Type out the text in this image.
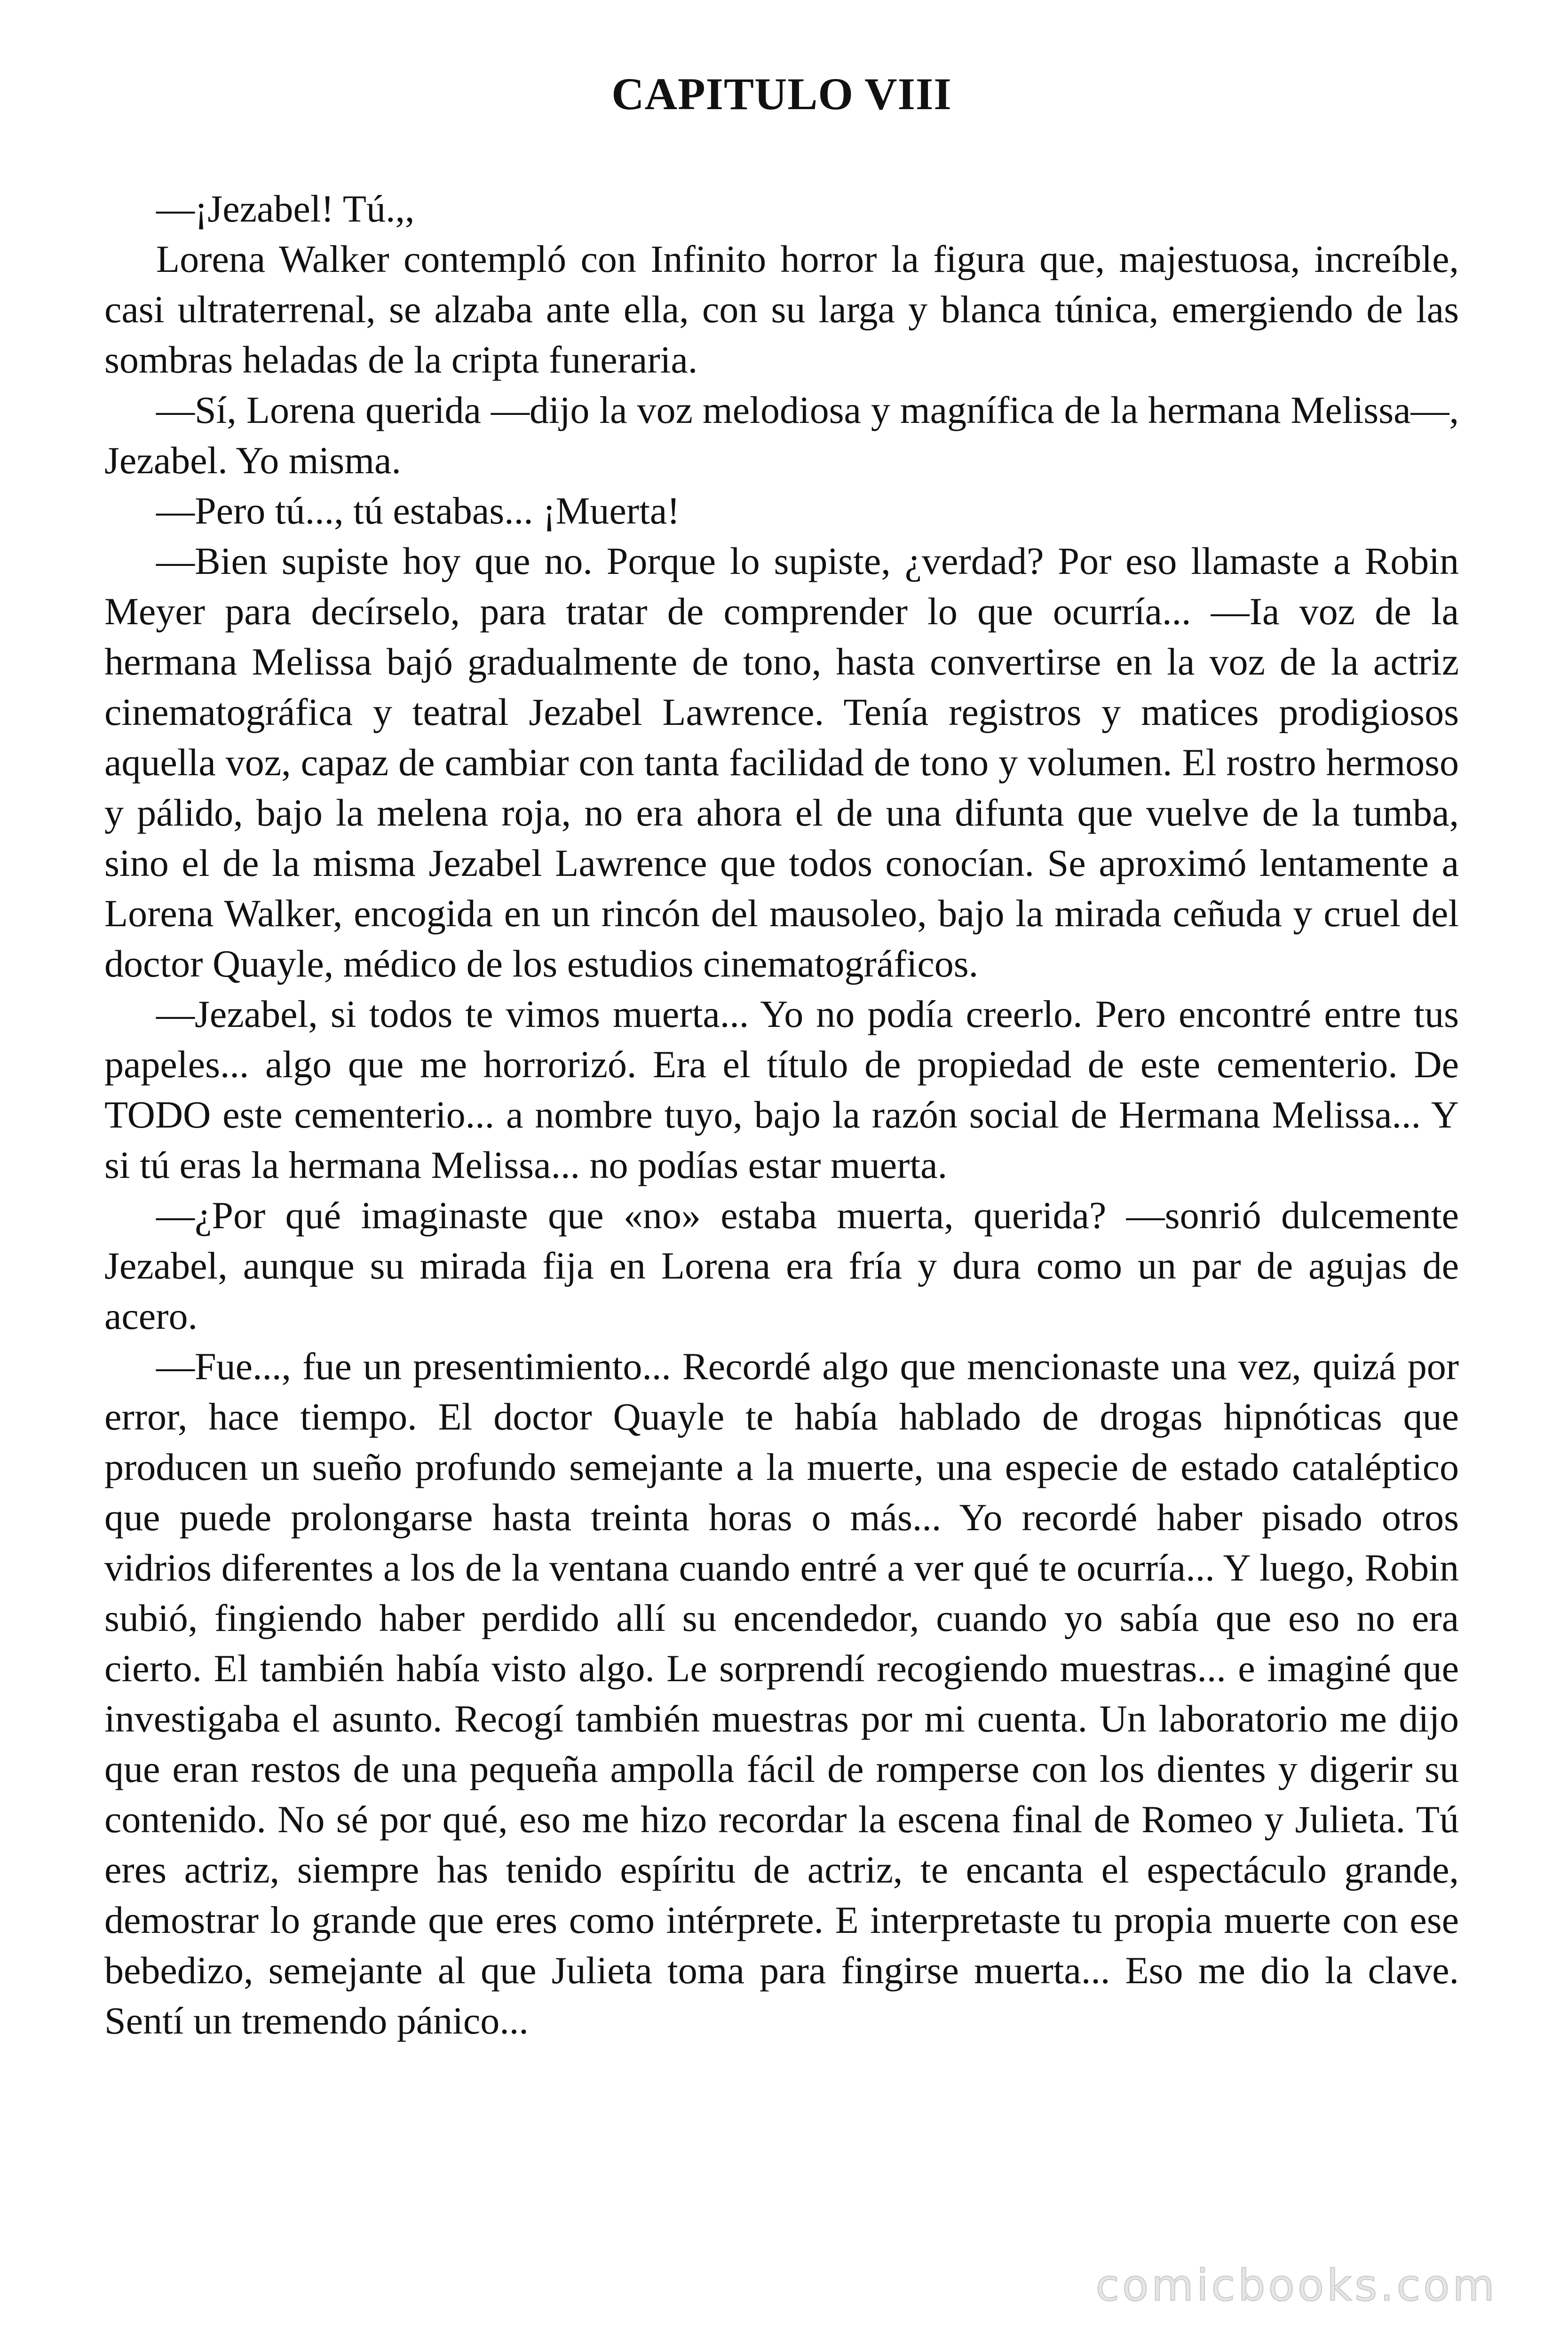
CAPITULO VIII

—¡Jezabel! Tú.,,

Lorena Walker contempló con Infinito horror la figura que, majestuosa, increíble, casi ultraterrenal, se alzaba ante ella, con su larga y blanca túnica, emergiendo de las sombras heladas de la cripta funeraria.

—Sí, Lorena querida —dijo la voz melodiosa y magnífica de la hermana Melissa—, Jezabel. Yo misma.

—Pero tú..., tú estabas... ¡Muerta!

—Bien supiste hoy que no. Porque lo supiste, ¿verdad? Por eso llamaste a Robin Meyer para decírselo, para tratar de comprender lo que ocurría... —Ia voz de la hermana Melissa bajó gradualmente de tono, hasta convertirse en la voz de la actriz cinematográfica y teatral Jezabel Lawrence. Tenía registros y matices prodigiosos aquella voz, capaz de cambiar con tanta facilidad de tono y volumen. El rostro hermoso y pálido, bajo la melena roja, no era ahora el de una difunta que vuelve de la tumba, sino el de la misma Jezabel Lawrence que todos conocían. Se aproximó lentamente a Lorena Walker, encogida en un rincón del mausoleo, bajo la mirada ceñuda y cruel del doctor Quayle, médico de los estudios cinematográficos.

—Jezabel, si todos te vimos muerta... Yo no podía creerlo. Pero encontré entre tus papeles... algo que me horrorizó. Era el título de propiedad de este cementerio. De TODO este cementerio... a nombre tuyo, bajo la razón social de Hermana Melissa... Y si tú eras la hermana Melissa... no podías estar muerta.

—¿Por qué imaginaste que «no» estaba muerta, querida? —sonrió dulcemente Jezabel, aunque su mirada fija en Lorena era fría y dura como un par de agujas de acero.

—Fue..., fue un presentimiento... Recordé algo que mencionaste una vez, quizá por error, hace tiempo. El doctor Quayle te había hablado de drogas hipnóticas que producen un sueño profundo semejante a la muerte, una especie de estado cataléptico que puede prolongarse hasta treinta horas o más... Yo recordé haber pisado otros vidrios diferentes a los de la ventana cuando entré a ver qué te ocurría... Y luego, Robin subió, fingiendo haber perdido allí su encendedor, cuando yo sabía que eso no era cierto. El también había visto algo. Le sorprendí recogiendo muestras... e imaginé que investigaba el asunto. Recogí también muestras por mi cuenta. Un laboratorio me dijo que eran restos de una pequeña ampolla fácil de romperse con los dientes y digerir su contenido. No sé por qué, eso me hizo recordar la escena final de Romeo y Julieta. Tú eres actriz, siempre has tenido espíritu de actriz, te encanta el espectáculo grande, demostrar lo grande que eres como intérprete. E interpretaste tu propia muerte con ese bebedizo, semejante al que Julieta toma para fingirse muerta... Eso me dio la clave. Sentí un tremendo pánico...

comicbooks.com
